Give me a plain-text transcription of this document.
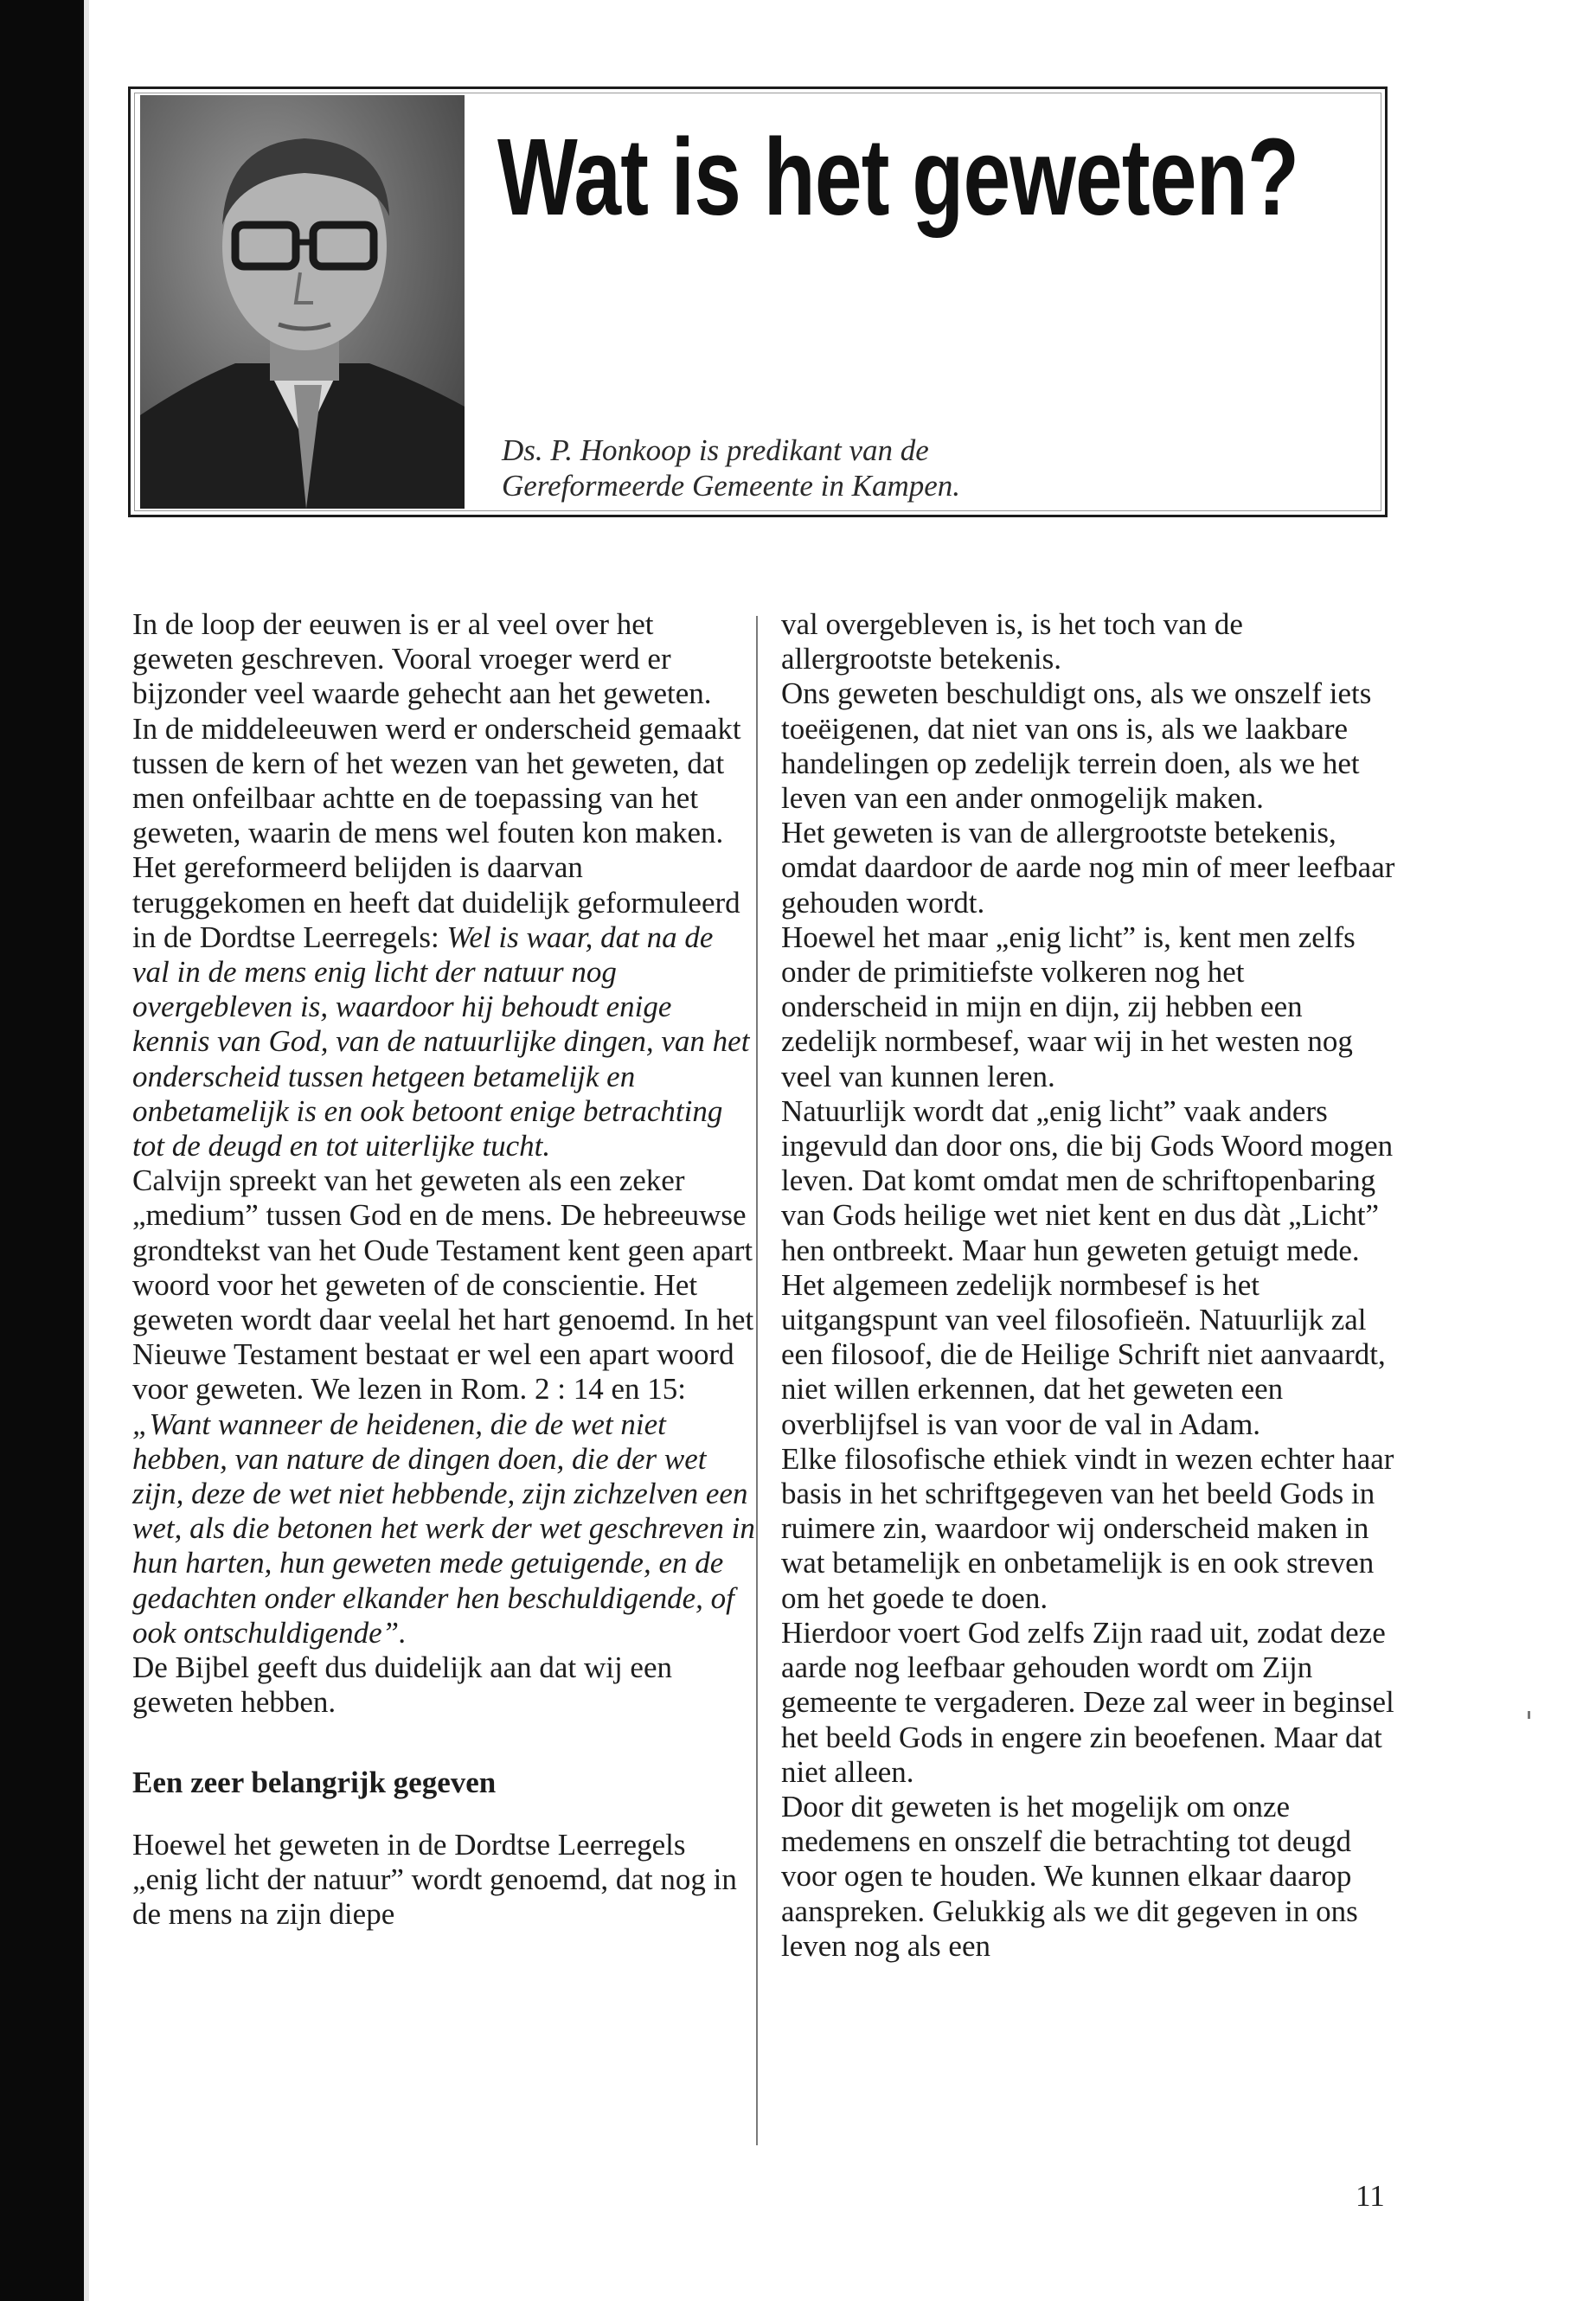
Wat is het geweten?
Ds. P. Honkoop is predikant van de
Gereformeerde Gemeente in Kampen.

In de loop der eeuwen is er al veel over het geweten geschreven. Vooral vroeger werd er bijzonder veel waarde gehecht aan het geweten.

In de middeleeuwen werd er onderscheid gemaakt tussen de kern of het wezen van het geweten, dat men onfeilbaar achtte en de toepassing van het geweten, waarin de mens wel fouten kon maken.

Het gereformeerd belijden is daarvan teruggekomen en heeft dat duidelijk geformuleerd in de Dordtse Leerregels: Wel is waar, dat na de val in de mens enig licht der natuur nog overgebleven is, waardoor hij behoudt enige kennis van God, van de natuurlijke dingen, van het onderscheid tussen hetgeen betamelijk en onbetamelijk is en ook betoont enige betrachting tot de deugd en tot uiterlijke tucht.

Calvijn spreekt van het geweten als een zeker „medium” tussen God en de mens. De hebreeuwse grondtekst van het Oude Testament kent geen apart woord voor het geweten of de conscientie. Het geweten wordt daar veelal het hart genoemd. In het Nieuwe Testament bestaat er wel een apart woord voor geweten. We lezen in Rom. 2 : 14 en 15: „Want wanneer de heidenen, die de wet niet hebben, van nature de dingen doen, die der wet zijn, deze de wet niet hebbende, zijn zichzelven een wet, als die betonen het werk der wet geschreven in hun harten, hun geweten mede getuigende, en de gedachten onder elkander hen beschuldigende, of ook ontschuldigende”.

De Bijbel geeft dus duidelijk aan dat wij een geweten hebben.

Een zeer belangrijk gegeven

Hoewel het geweten in de Dordtse Leerregels „enig licht der natuur” wordt genoemd, dat nog in de mens na zijn diepe

val overgebleven is, is het toch van de allergrootste betekenis.

Ons geweten beschuldigt ons, als we onszelf iets toeëigenen, dat niet van ons is, als we laakbare handelingen op zedelijk terrein doen, als we het leven van een ander onmogelijk maken.

Het geweten is van de allergrootste betekenis, omdat daardoor de aarde nog min of meer leefbaar gehouden wordt.

Hoewel het maar „enig licht” is, kent men zelfs onder de primitiefste volkeren nog het onderscheid in mijn en dijn, zij hebben een zedelijk normbesef, waar wij in het westen nog veel van kunnen leren.

Natuurlijk wordt dat „enig licht” vaak anders ingevuld dan door ons, die bij Gods Woord mogen leven. Dat komt omdat men de schriftopenbaring van Gods heilige wet niet kent en dus dàt „Licht” hen ontbreekt. Maar hun geweten getuigt mede.

Het algemeen zedelijk normbesef is het uitgangspunt van veel filosofieën. Natuurlijk zal een filosoof, die de Heilige Schrift niet aanvaardt, niet willen erkennen, dat het geweten een overblijfsel is van voor de val in Adam.

Elke filosofische ethiek vindt in wezen echter haar basis in het schriftgegeven van het beeld Gods in ruimere zin, waardoor wij onderscheid maken in wat betamelijk en onbetamelijk is en ook streven om het goede te doen.

Hierdoor voert God zelfs Zijn raad uit, zodat deze aarde nog leefbaar gehouden wordt om Zijn gemeente te vergaderen. Deze zal weer in beginsel het beeld Gods in engere zin beoefenen. Maar dat niet alleen.

Door dit geweten is het mogelijk om onze medemens en onszelf die betrachting tot deugd voor ogen te houden. We kunnen elkaar daarop aanspreken. Gelukkig als we dit gegeven in ons leven nog als een

11
